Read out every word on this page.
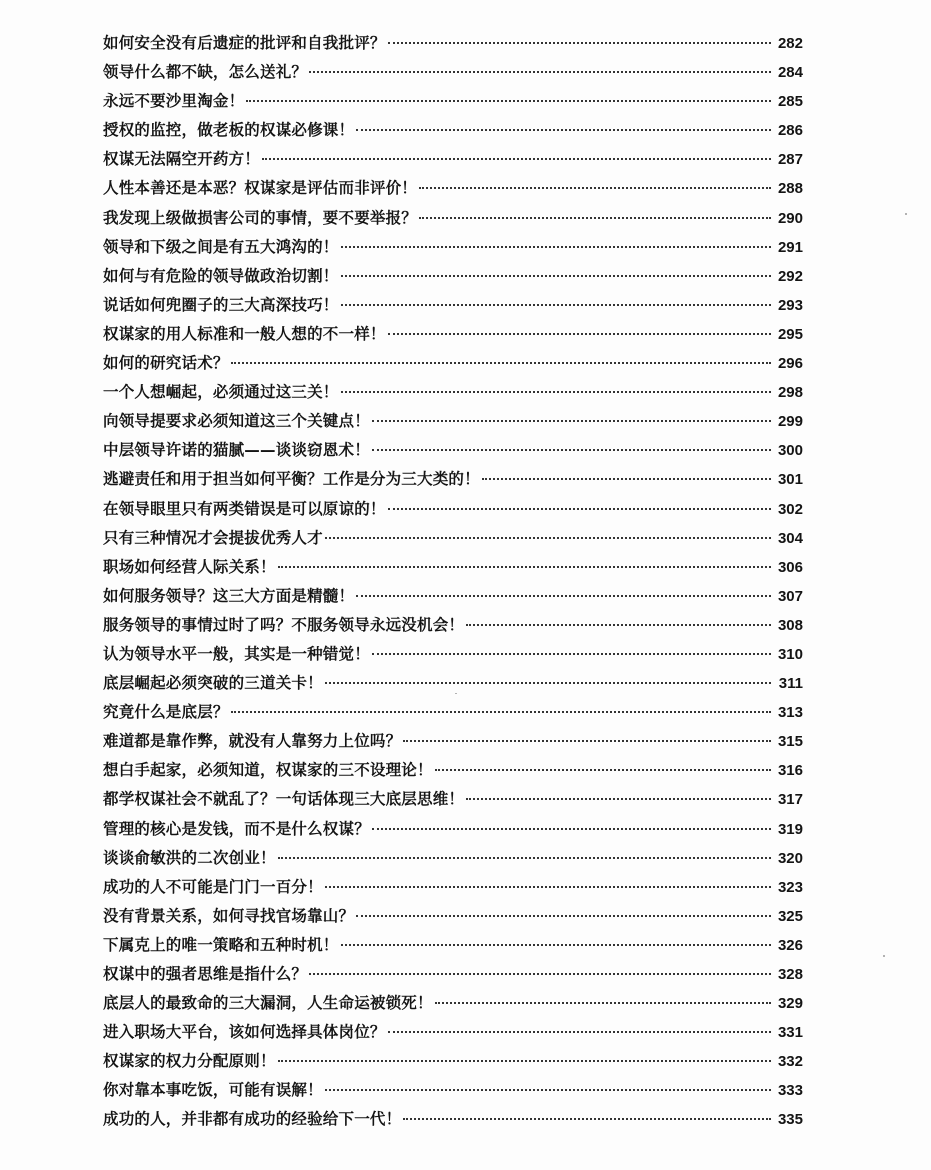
如何安全没有后遗症的批评和自我批评？	282
领导什么都不缺，怎么送礼？	284
永远不要沙里淘金！	285
授权的监控，做老板的权谋必修课！	286
权谋无法隔空开药方！	287
人性本善还是本恶？权谋家是评估而非评价！	288
我发现上级做损害公司的事情，要不要举报？	290
领导和下级之间是有五大鸿沟的！	291
如何与有危险的领导做政治切割！	292
说话如何兜圈子的三大高深技巧！	293
权谋家的用人标准和一般人想的不一样！	295
如何的研究话术？	296
一个人想崛起，必须通过这三关！	298
向领导提要求必须知道这三个关键点！	299
中层领导许诺的猫腻——谈谈窃恩术！	300
逃避责任和用于担当如何平衡？工作是分为三大类的！	301
在领导眼里只有两类错误是可以原谅的！	302
只有三种情况才会提拔优秀人才	304
职场如何经营人际关系！	306
如何服务领导？这三大方面是精髓！	307
服务领导的事情过时了吗？不服务领导永远没机会！	308
认为领导水平一般，其实是一种错觉！	310
底层崛起必须突破的三道关卡！	311
究竟什么是底层？	313
难道都是靠作弊，就没有人靠努力上位吗？	315
想白手起家，必须知道，权谋家的三不设理论！	316
都学权谋社会不就乱了？一句话体现三大底层思维！	317
管理的核心是发钱，而不是什么权谋？	319
谈谈俞敏洪的二次创业！	320
成功的人不可能是门门一百分！	323
没有背景关系，如何寻找官场靠山？	325
下属克上的唯一策略和五种时机！	326
权谋中的强者思维是指什么？	328
底层人的最致命的三大漏洞，人生命运被锁死！	329
进入职场大平台，该如何选择具体岗位？	331
权谋家的权力分配原则！	332
你对靠本事吃饭，可能有误解！	333
成功的人，并非都有成功的经验给下一代！	335
